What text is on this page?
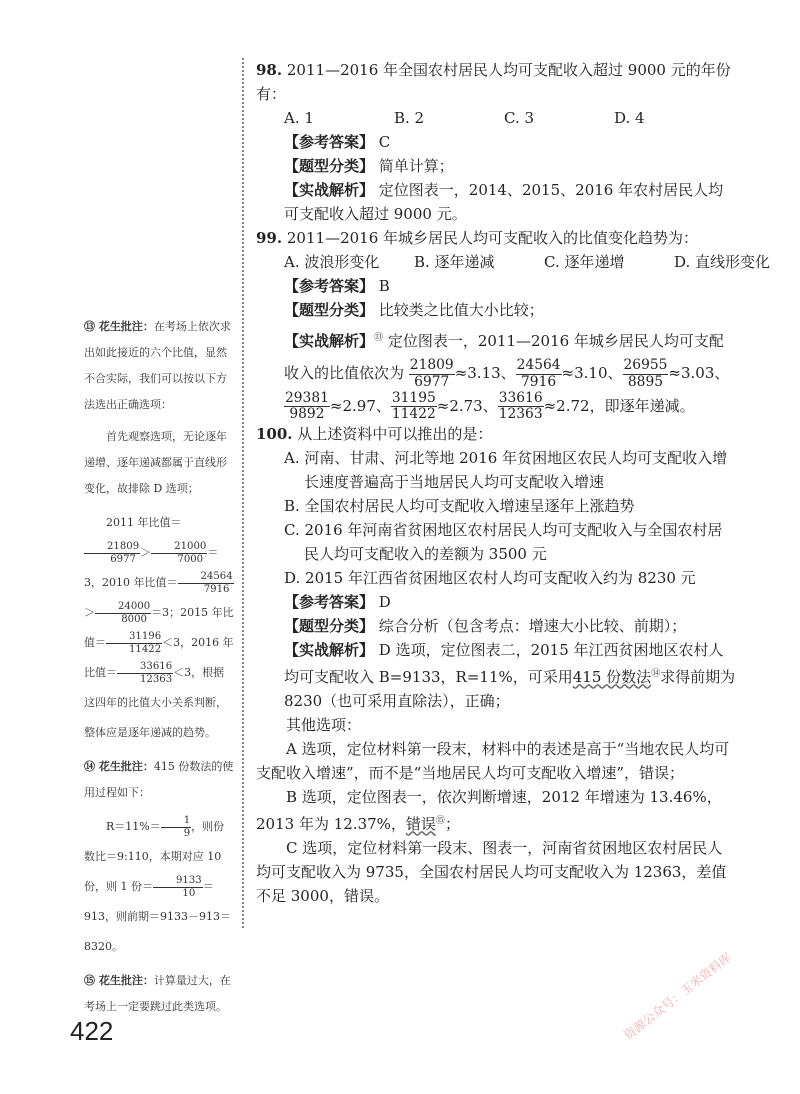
98. 2011—2016 年全国农村居民人均可支配收入超过 9000 元的年份有：

A. 1	B. 2	C. 3	D. 4

【参考答案】 C

【题型分类】 简单计算；

【实战解析】 定位图表一，2014、2015、2016 年农村居民人均可支配收入超过 9000 元。

99. 2011—2016 年城乡居民人均可支配收入的比值变化趋势为：

A. 波浪形变化	B. 逐年递减	C. 逐年递增	D. 直线形变化

【参考答案】 B

【题型分类】 比较类之比值大小比较；

【实战解析】⑬ 定位图表一，2011—2016 年城乡居民人均可支配收入的比值依次为 $\frac{21809}{6977} \approx 3.13$、 $\frac{24564}{7916} \approx 3.10$、 $\frac{26955}{8895} \approx 3.03$、
$\frac{29381}{9892} \approx 2.97$、 $\frac{31195}{11422} \approx 2.73$、 $\frac{33616}{12363} \approx 2.72$，即逐年递减。

100. 从上述资料中可以推出的是：

A. 河南、甘肃、河北等地 2016 年贫困地区农民人均可支配收入增长速度普遍高于当地居民人均可支配收入增速

B. 全国农村居民人均可支配收入增速呈逐年上涨趋势

C. 2016 年河南省贫困地区农村居民人均可支配收入与全国农村居民人均可支配收入的差额为 3500 元

D. 2015 年江西省贫困地区农村人均可支配收入约为 8230 元

【参考答案】 D

【题型分类】 综合分析（包含考点：增速大小比较、前期）；

【实战解析】 D 选项，定位图表二，2015 年江西贫困地区农村人均可支配收入 B=9133，R=11%，可采用415 份数法⑭求得前期为 8230（也可采用直除法），正确；

其他选项：

A 选项，定位材料第一段末，材料中的表述是高于“当地农民人均可支配收入增速”，而不是“当地居民人均可支配收入增速”，错误；

B 选项，定位图表一，依次判断增速，2012 年增速为 13.46%，2013 年为 12.37%，错误⑮；

C 选项，定位材料第一段末、图表一，河南省贫困地区农村居民人均可支配收入为 9735，全国农村居民人均可支配收入为 12363，差值不足 3000，错误。

⑬ 花生批注：在考场上依次求出如此接近的六个比值，显然不合实际，我们可以按以下方法选出正确选项：

首先观察选项，无论逐年递增、逐年递减都属于直线形变化，故排除 D 选项；

2011 年比值＝
$\frac{21809}{6977} > \frac{21000}{7000} =3$，2010 年比值＝ $\frac{24564}{7916}$
＞ $\frac{24000}{8000} =3$；2015 年比值＝ $\frac{31196}{11422} <3$，2016 年比值＝ $\frac{33616}{12363} <3$，根据这四年的比值大小关系判断，整体应是逐年递减的趋势。

⑭ 花生批注：415 份数法的使用过程如下：

$R=11\%= \frac{1}{9}$ ，则份数比＝9:110，本期对应 10 份，则 1 份＝ $\frac{9133}{10} =913$，则前期＝9133－913＝8320。

⑮ 花生批注：计算量过大，在考场上一定要跳过此类选项。

422	资源公众号：玉米资料库
